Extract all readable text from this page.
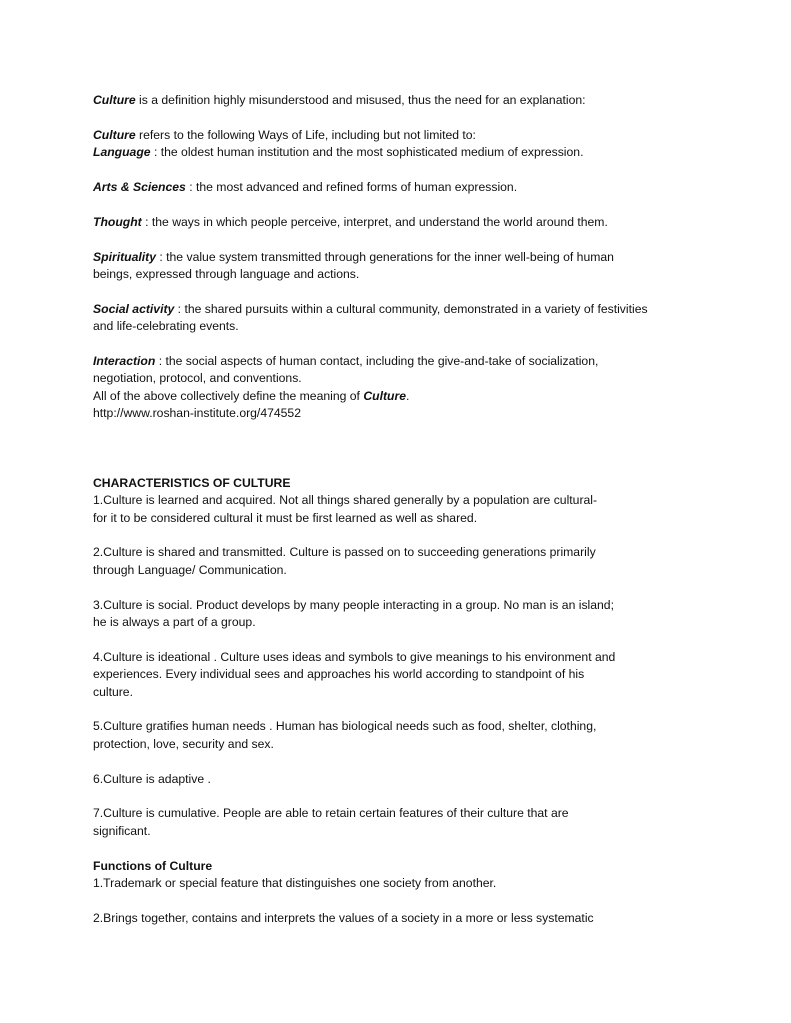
Culture is a definition highly misunderstood and misused, thus the need for an explanation:

Culture refers to the following Ways of Life, including but not limited to:
Language : the oldest human institution and the most sophisticated medium of expression.

Arts & Sciences : the most advanced and refined forms of human expression.

Thought : the ways in which people perceive, interpret, and understand the world around them.

Spirituality : the value system transmitted through generations for the inner well-being of human
beings, expressed through language and actions.

Social activity : the shared pursuits within a cultural community, demonstrated in a variety of festivities
and life-celebrating events.

Interaction : the social aspects of human contact, including the give-and-take of socialization,
negotiation, protocol, and conventions.
All of the above collectively define the meaning of Culture.
http://www.roshan-institute.org/474552

CHARACTERISTICS OF CULTURE

1.Culture is learned and acquired. Not all things shared generally by a population are cultural-
for it to be considered cultural it must be first learned as well as shared.

2.Culture is shared and transmitted. Culture is passed on to succeeding generations primarily
through Language/ Communication.

3.Culture is social. Product develops by many people interacting in a group. No man is an island;
he is always a part of a group.

4.Culture is ideational . Culture uses ideas and symbols to give meanings to his environment and
experiences. Every individual sees and approaches his world according to standpoint of his
culture.

5.Culture gratifies human needs . Human has biological needs such as food, shelter, clothing,
protection, love, security and sex.

6.Culture is adaptive .

7.Culture is cumulative. People are able to retain certain features of their culture that are
significant.

Functions of Culture

1.Trademark or special feature that distinguishes one society from another.

2.Brings together, contains and interprets the values of a society in a more or less systematic
